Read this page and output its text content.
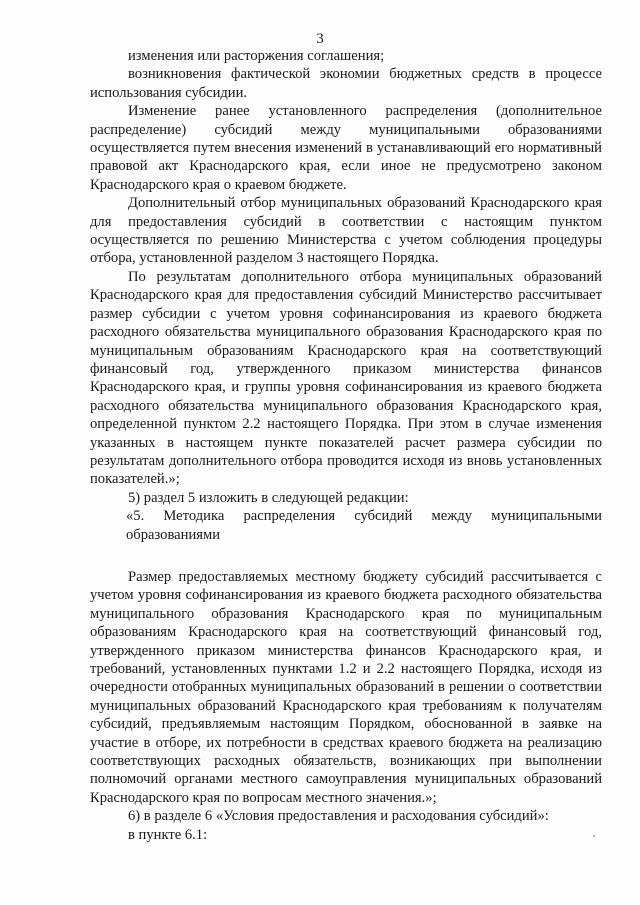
3

изменения или расторжения соглашения;

возникновения фактической экономии бюджетных средств в процессе использования субсидии.

Изменение ранее установленного распределения (дополнительное распределение) субсидий между муниципальными образованиями осуществляется путем внесения изменений в устанавливающий его нормативный правовой акт Краснодарского края, если иное не предусмотрено законом Краснодарского края о краевом бюджете.

Дополнительный отбор муниципальных образований Краснодарского края для предоставления субсидий в соответствии с настоящим пунктом осуществляется по решению Министерства с учетом соблюдения процедуры отбора, установленной разделом 3 настоящего Порядка.

По результатам дополнительного отбора муниципальных образований Краснодарского края для предоставления субсидий Министерство рассчитывает размер субсидии с учетом уровня софинансирования из краевого бюджета расходного обязательства муниципального образования Краснодарского края по муниципальным образованиям Краснодарского края на соответствующий финансовый год, утвержденного приказом министерства финансов Краснодарского края, и группы уровня софинансирования из краевого бюджета расходного обязательства муниципального образования Краснодарского края, определенной пунктом 2.2 настоящего Порядка. При этом в случае изменения указанных в настоящем пункте показателей расчет размера субсидии по результатам дополнительного отбора проводится исходя из вновь установленных показателей.»;

5) раздел 5 изложить в следующей редакции:

«5. Методика распределения субсидий между муниципальными образованиями

Размер предоставляемых местному бюджету субсидий рассчитывается с учетом уровня софинансирования из краевого бюджета расходного обязательства муниципального образования Краснодарского края по муниципальным образованиям Краснодарского края на соответствующий финансовый год, утвержденного приказом министерства финансов Краснодарского края, и требований, установленных пунктами 1.2 и 2.2 настоящего Порядка, исходя из очередности отобранных муниципальных образований в решении о соответствии муниципальных образований Краснодарского края требованиям к получателям субсидий, предъявляемым настоящим Порядком, обоснованной в заявке на участие в отборе, их потребности в средствах краевого бюджета на реализацию соответствующих расходных обязательств, возникающих при выполнении полномочий органами местного самоуправления муниципальных образований Краснодарского края по вопросам местного значения.»;

6) в разделе 6 «Условия предоставления и расходования субсидий»:

в пункте 6.1:
